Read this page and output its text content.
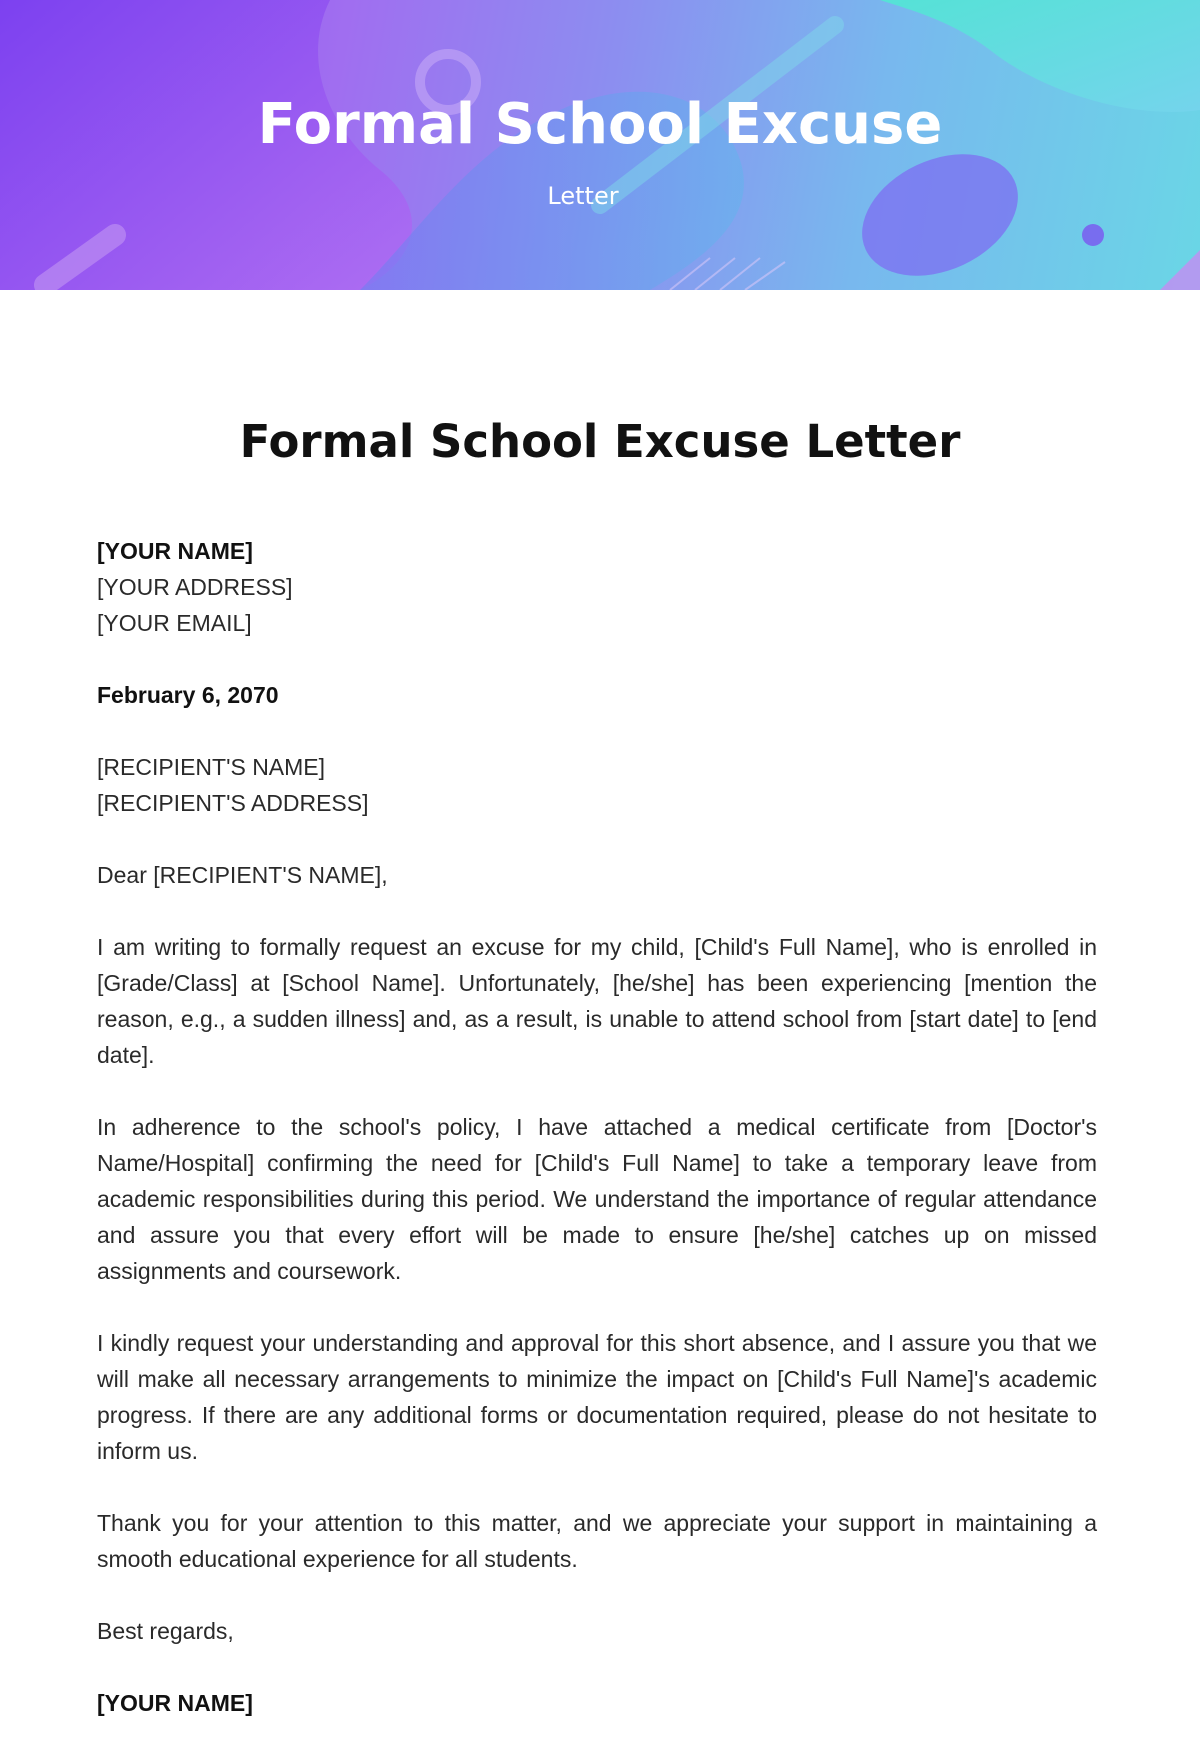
Formal School Excuse
Letter
Formal School Excuse Letter
[YOUR NAME]
[YOUR ADDRESS]
[YOUR EMAIL]
February 6, 2070
[RECIPIENT'S NAME]
[RECIPIENT'S ADDRESS]
Dear [RECIPIENT'S NAME],

I am writing to formally request an excuse for my child, [Child's Full Name], who is enrolled in [Grade/Class] at [School Name]. Unfortunately, [he/she] has been experiencing [mention the reason, e.g., a sudden illness] and, as a result, is unable to attend school from [start date] to [end date].

In adherence to the school's policy, I have attached a medical certificate from [Doctor's Name/Hospital] confirming the need for [Child's Full Name] to take a temporary leave from academic responsibilities during this period. We understand the importance of regular attendance and assure you that every effort will be made to ensure [he/she] catches up on missed assignments and coursework.

I kindly request your understanding and approval for this short absence, and I assure you that we will make all necessary arrangements to minimize the impact on [Child's Full Name]'s academic progress. If there are any additional forms or documentation required, please do not hesitate to inform us.

Thank you for your attention to this matter, and we appreciate your support in maintaining a smooth educational experience for all students.

Best regards,
[YOUR NAME]
